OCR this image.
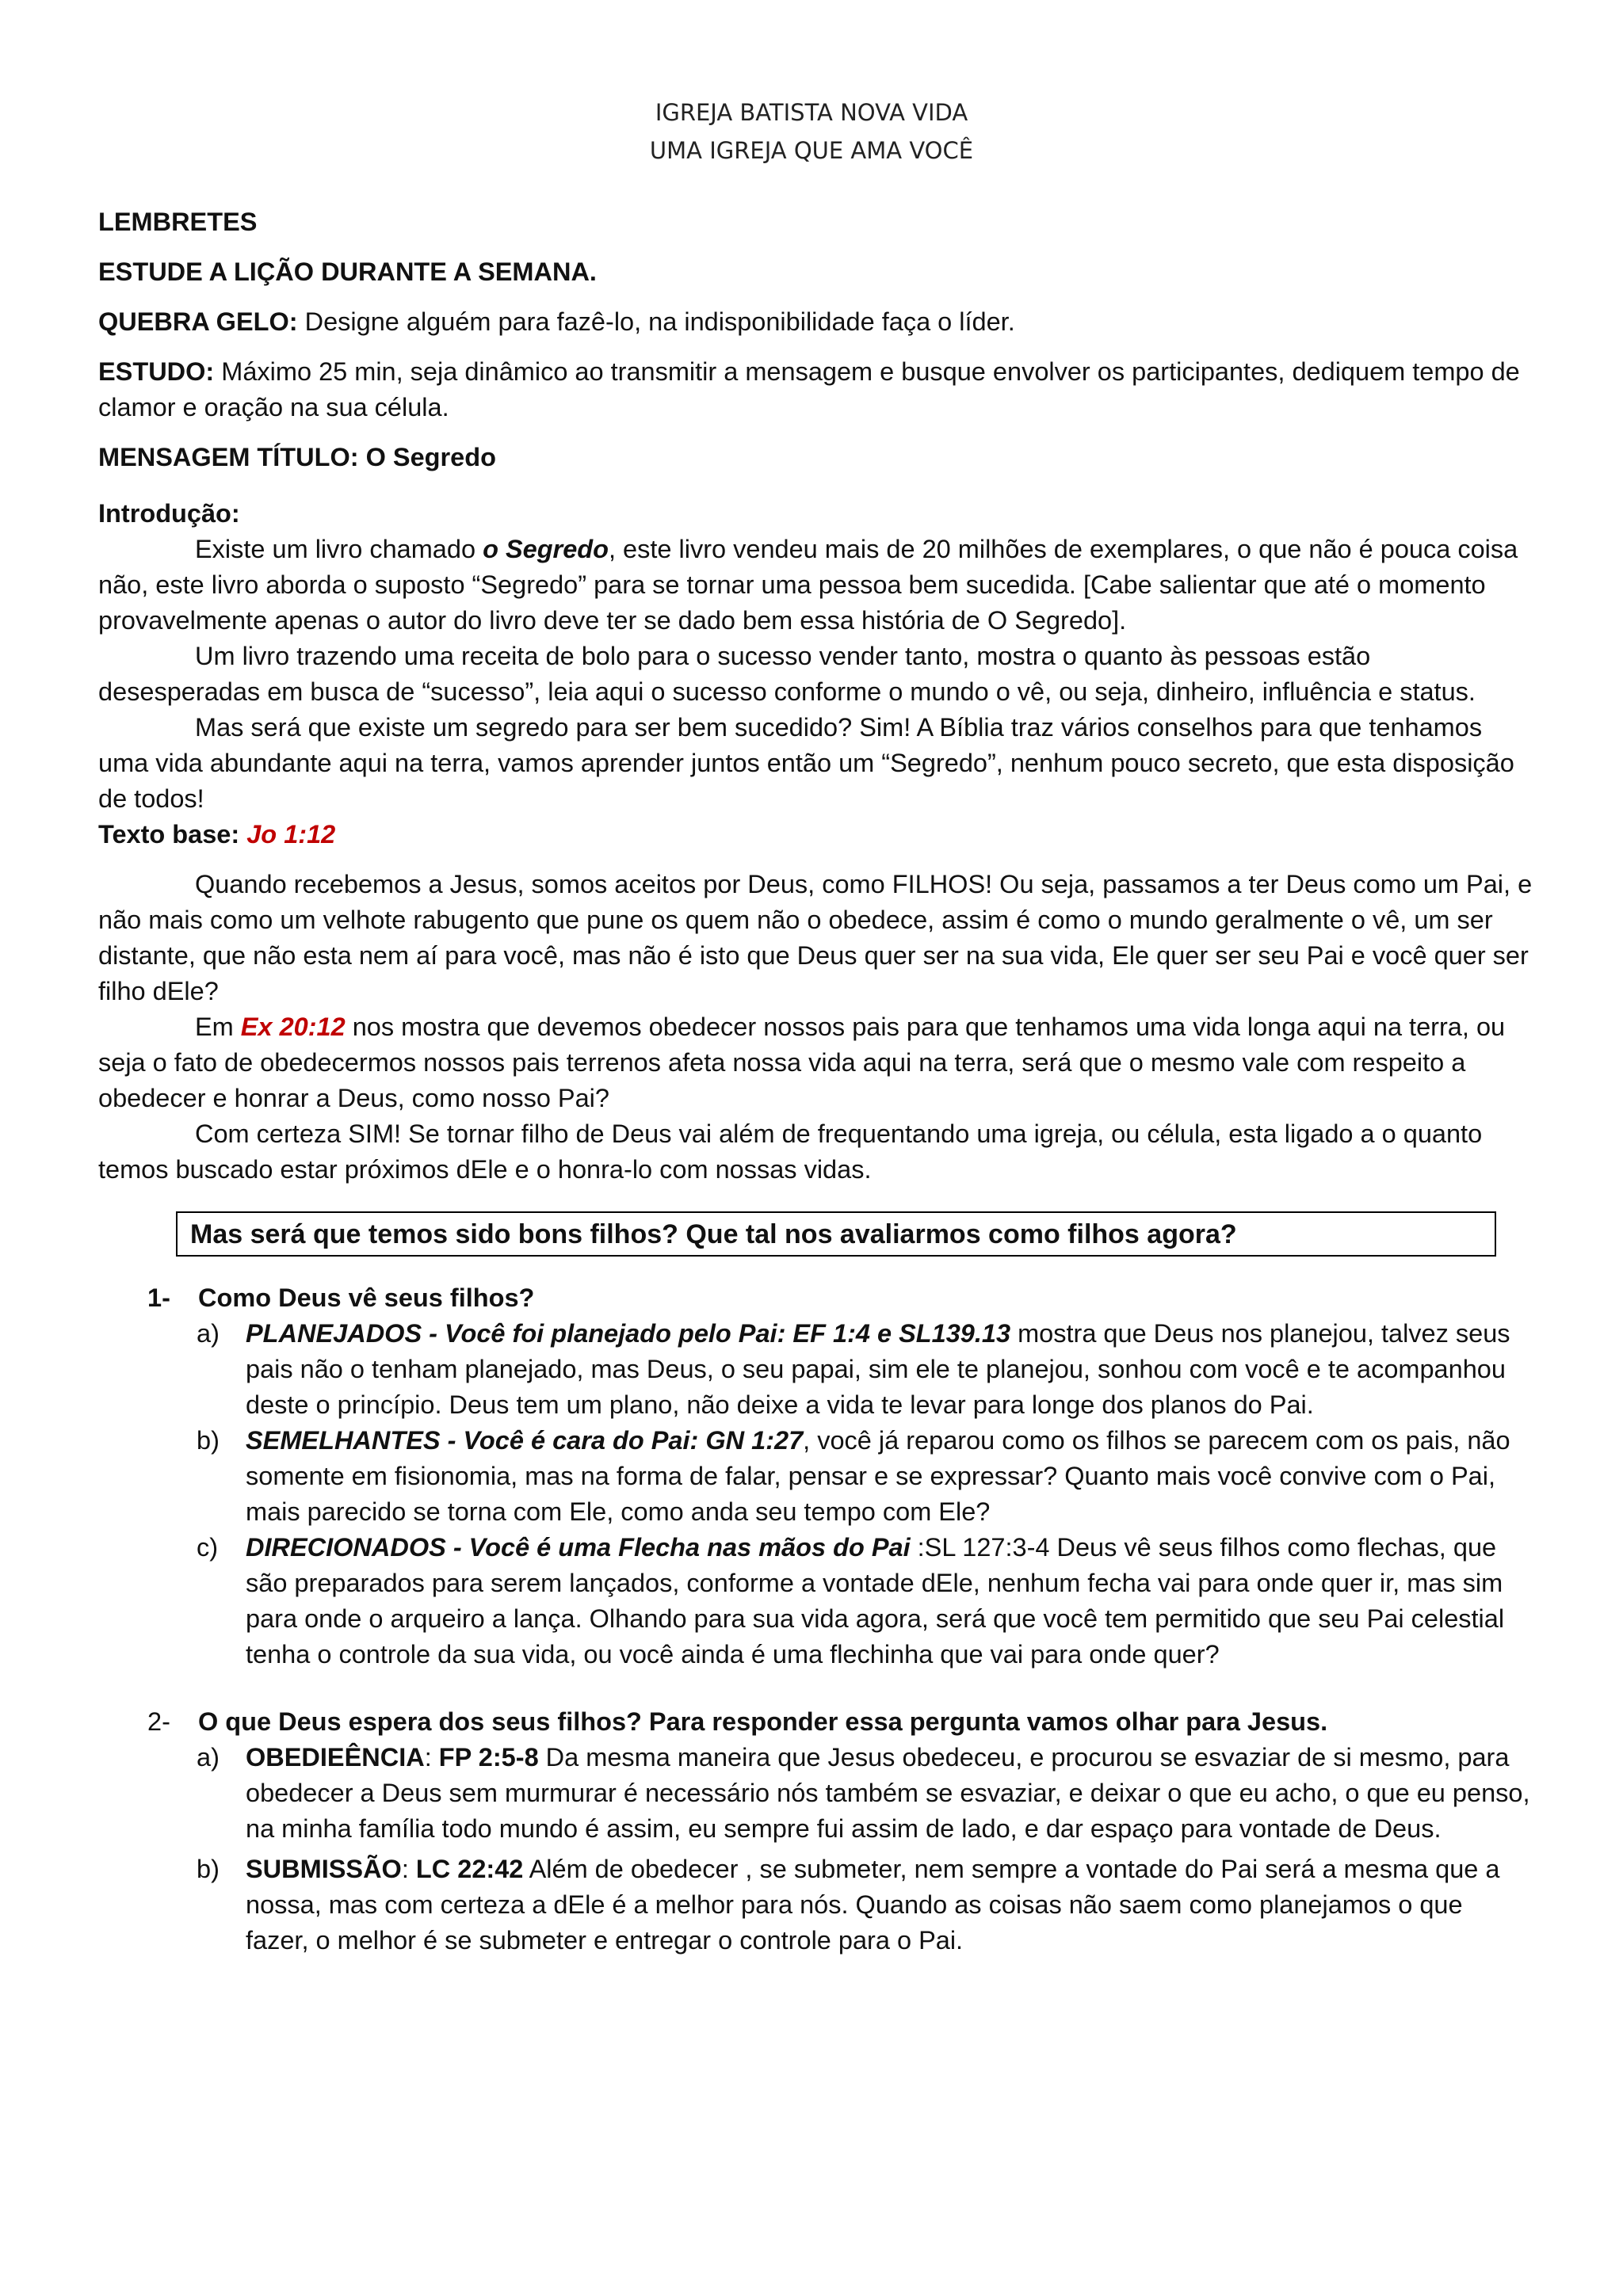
IGREJA BATISTA NOVA VIDA
UMA IGREJA QUE AMA VOCÊ
LEMBRETES
ESTUDE A LIÇÃO DURANTE A SEMANA.

QUEBRA GELO: Designe alguém para fazê-lo, na indisponibilidade faça o líder.

ESTUDO: Máximo 25 min, seja dinâmico ao transmitir a mensagem e busque envolver os participantes, dediquem tempo de clamor e oração na sua célula.

MENSAGEM TÍTULO: O Segredo
Introdução:

Existe um livro chamado o Segredo, este livro vendeu mais de 20 milhões de exemplares, o que não é pouca coisa não, este livro aborda o suposto “Segredo” para se tornar uma pessoa bem sucedida. [Cabe salientar que até o momento provavelmente apenas o autor do livro deve ter se dado bem essa história de O Segredo].

Um livro trazendo uma receita de bolo para o sucesso vender tanto, mostra o quanto às pessoas estão desesperadas em busca de “sucesso”, leia aqui o sucesso conforme o mundo o vê, ou seja, dinheiro, influência e status.

Mas será que existe um segredo para ser bem sucedido? Sim! A Bíblia traz vários conselhos para que tenhamos uma vida abundante aqui na terra, vamos aprender juntos então um “Segredo”, nenhum pouco secreto, que esta disposição de todos!

Texto base: Jo 1:12

Quando recebemos a Jesus, somos aceitos por Deus, como FILHOS! Ou seja, passamos a ter Deus como um Pai, e não mais como um velhote rabugento que pune os quem não o obedece, assim é como o mundo geralmente o vê, um ser distante, que não esta nem aí para você, mas não é isto que Deus quer ser na sua vida, Ele quer ser seu Pai e você quer ser filho dEle?

Em Ex 20:12 nos mostra que devemos obedecer nossos pais para que tenhamos uma vida longa aqui na terra, ou seja o fato de obedecermos nossos pais terrenos afeta nossa vida aqui na terra, será que o mesmo vale com respeito a obedecer e honrar a Deus, como nosso Pai?

Com certeza SIM! Se tornar filho de Deus vai além de frequentando uma igreja, ou célula, esta ligado a o quanto temos buscado estar próximos dEle e o honra-lo com nossas vidas.

Mas será que temos sido bons filhos? Que tal nos avaliarmos como filhos agora?
1- Como Deus vê seus filhos?
a) PLANEJADOS - Você foi planejado pelo Pai: EF 1:4 e SL139.13 mostra que Deus nos planejou, talvez seus pais não o tenham planejado, mas Deus, o seu papai, sim ele te planejou, sonhou com você e te acompanhou deste o princípio. Deus tem um plano, não deixe a vida te levar para longe dos planos do Pai.
b) SEMELHANTES - Você é cara do Pai: GN 1:27, você já reparou como os filhos se parecem com os pais, não somente em fisionomia, mas na forma de falar, pensar e se expressar? Quanto mais você convive com o Pai, mais parecido se torna com Ele, como anda seu tempo com Ele?
c) DIRECIONADOS - Você é uma Flecha nas mãos do Pai :SL 127:3-4 Deus vê seus filhos como flechas, que são preparados para serem lançados, conforme a vontade dEle, nenhum fecha vai para onde quer ir, mas sim para onde o arqueiro a lança. Olhando para sua vida agora, será que você tem permitido que seu Pai celestial tenha o controle da sua vida, ou você ainda é uma flechinha que vai para onde quer?
2- O que Deus espera dos seus filhos? Para responder essa pergunta vamos olhar para Jesus.
a) OBEDIEÊNCIA: FP 2:5-8 Da mesma maneira que Jesus obedeceu, e procurou se esvaziar de si mesmo, para obedecer a Deus sem murmurar é necessário nós também se esvaziar, e deixar o que eu acho, o que eu penso, na minha família todo mundo é assim, eu sempre fui assim de lado, e dar espaço para vontade de Deus.
b) SUBMISSÃO: LC 22:42 Além de obedecer , se submeter, nem sempre a vontade do Pai será a mesma que a nossa, mas com certeza a dEle é a melhor para nós. Quando as coisas não saem como planejamos o que fazer, o melhor é se submeter e entregar o controle para o Pai.
